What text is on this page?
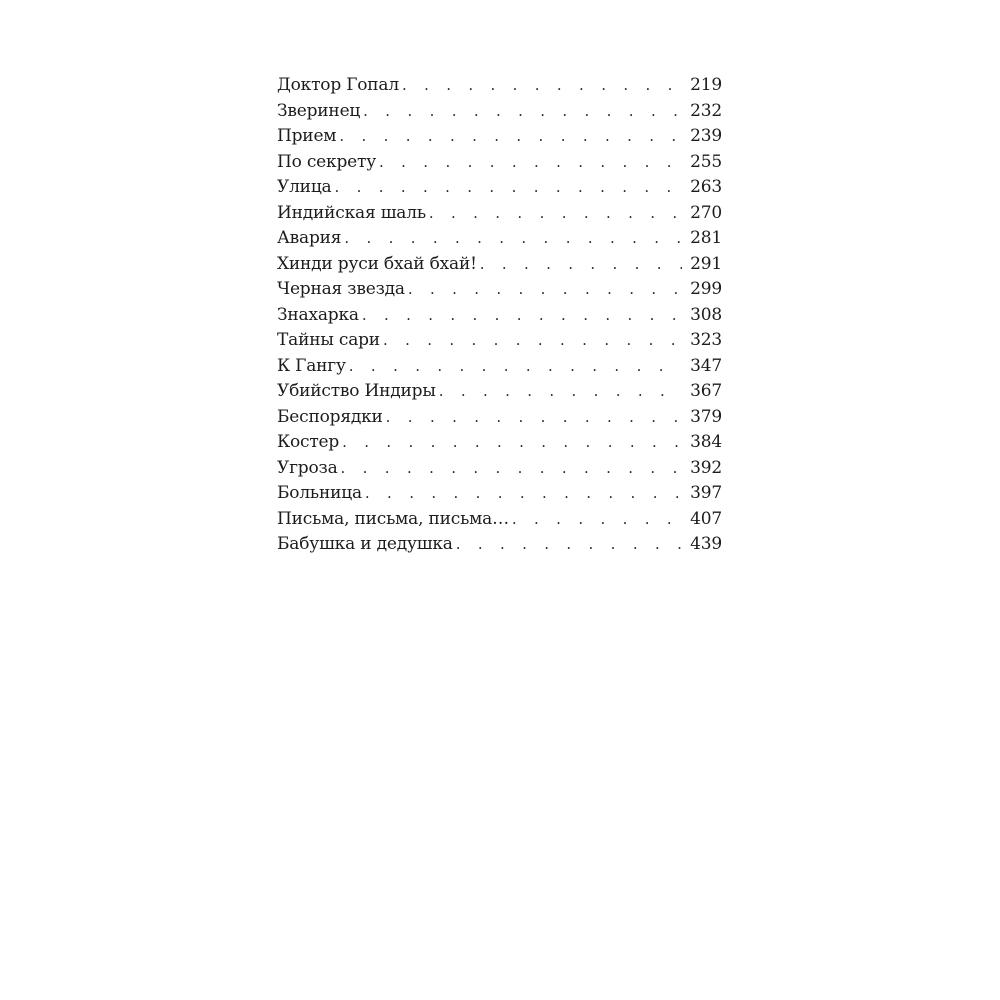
Доктор Гопал . . .	219
Зверинец . . .	232
Прием . . .	239
По секрету . . .	255
Улица . . .	263
Индийская шаль . . .	270
Авария . . .	281
Хинди руси бхай бхай! . . .	291
Черная звезда . . .	299
Знахарка . . .	308
Тайны сари . . .	323
К Гангу . . .	347
Убийство Индиры . . .	367
Беспорядки . . .	379
Костер . . .	384
Угроза . . .	392
Больница . . .	397
Письма, письма, письма… . . .	407
Бабушка и дедушка . . .	439
